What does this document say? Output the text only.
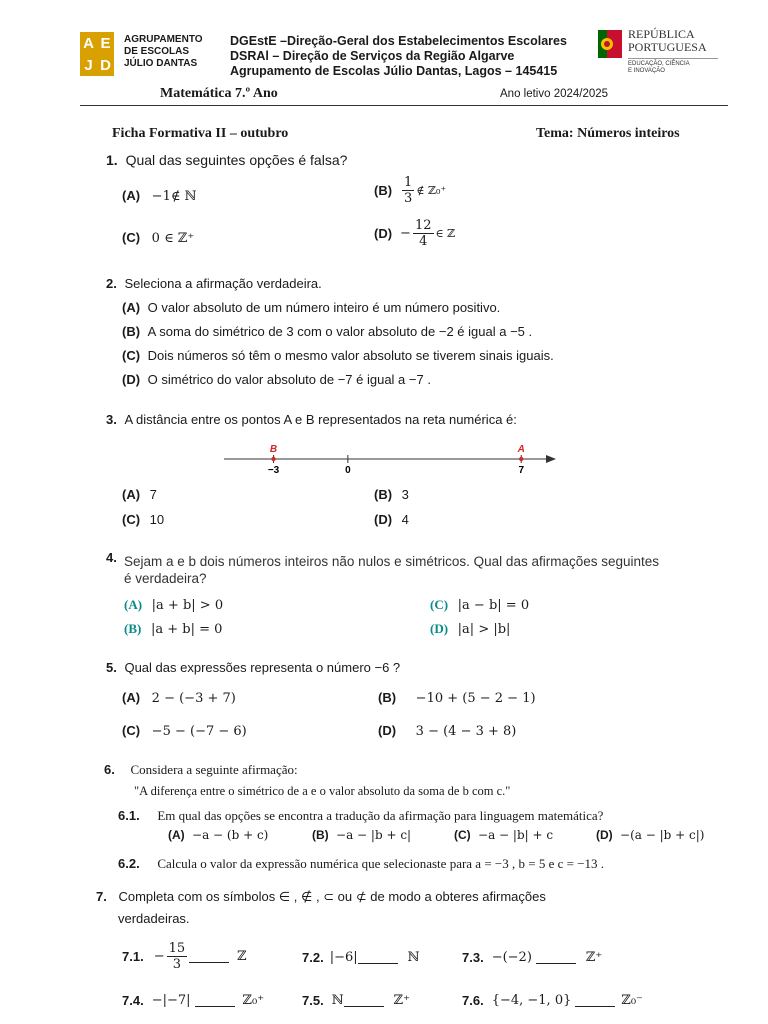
A E
J D
AGRUPAMENTO
DE ESCOLAS
JÚLIO DANTAS
DGEstE –Direção-Geral dos Estabelecimentos Escolares
DSRAl – Direção de Serviços da Região Algarve
Agrupamento de Escolas Júlio Dantas, Lagos – 145415
REPÚBLICA
PORTUGUESA
EDUCAÇÃO, CIÊNCIA
E INOVAÇÃO
Matemática 7.º Ano	Ano letivo 2024/2025
Ficha Formativa II – outubro	Tema: Números inteiros
1. Qual das seguintes opções é falsa?
(A) −1∉ ℕ	$(B) \frac{1}{3}$ ∉ ℤ₀⁺
(C) 0 ∈ ℤ⁺	$(D) - \frac{12}{4}$ ∈ ℤ
2. Seleciona a afirmação verdadeira.
(A) O valor absoluto de um número inteiro é um número positivo.
(B) A soma do simétrico de 3 com o valor absoluto de −2 é igual a −5 .
(C) Dois números só têm o mesmo valor absoluto se tiverem sinais iguais.
(D) O simétrico do valor absoluto de −7 é igual a −7 .
3. A distância entre os pontos A e B representados na reta numérica é:
B	A
−3	0	7
(A) 7	(B) 3
(C) 10	(D) 4
4. Sejam a e b dois números inteiros não nulos e simétricos. Qual das afirmações seguintes
é verdadeira?
(A) |a + b| > 0	(C) |a − b| = 0
(B) |a + b| = 0	(D) |a| > |b|
5. Qual das expressões representa o número −6 ?
(A) 2 − (−3 + 7)	(B) −10 + (5 − 2 − 1)
(C) −5 − (−7 − 6)	(D) 3 − (4 − 3 + 8)
6. Considera a seguinte afirmação:
"A diferença entre o simétrico de a e o valor absoluto da soma de b com c."
6.1. Em qual das opções se encontra a tradução da afirmação para linguagem matemática?
(A) −a − (b + c)	(B) −a − |b + c|	(C) −a − |b| + c	(D) −(a − |b + c|)
6.2. Calcula o valor da expressão numérica que selecionaste para a = −3 , b = 5 e c = −13 .
7. Completa com os símbolos ∈ , ∉ , ⊂ ou ⊄ de modo a obteres afirmações
verdadeiras.
7.1. − $\frac{15}{3}$	ℤ	7.2. |−6|	ℕ	7.3. −(−2)	ℤ⁺
7.4. −|−7|	ℤ₀⁺	7.5. ℕ	ℤ⁺	7.6. {−4, −1, 0}	ℤ₀⁻
